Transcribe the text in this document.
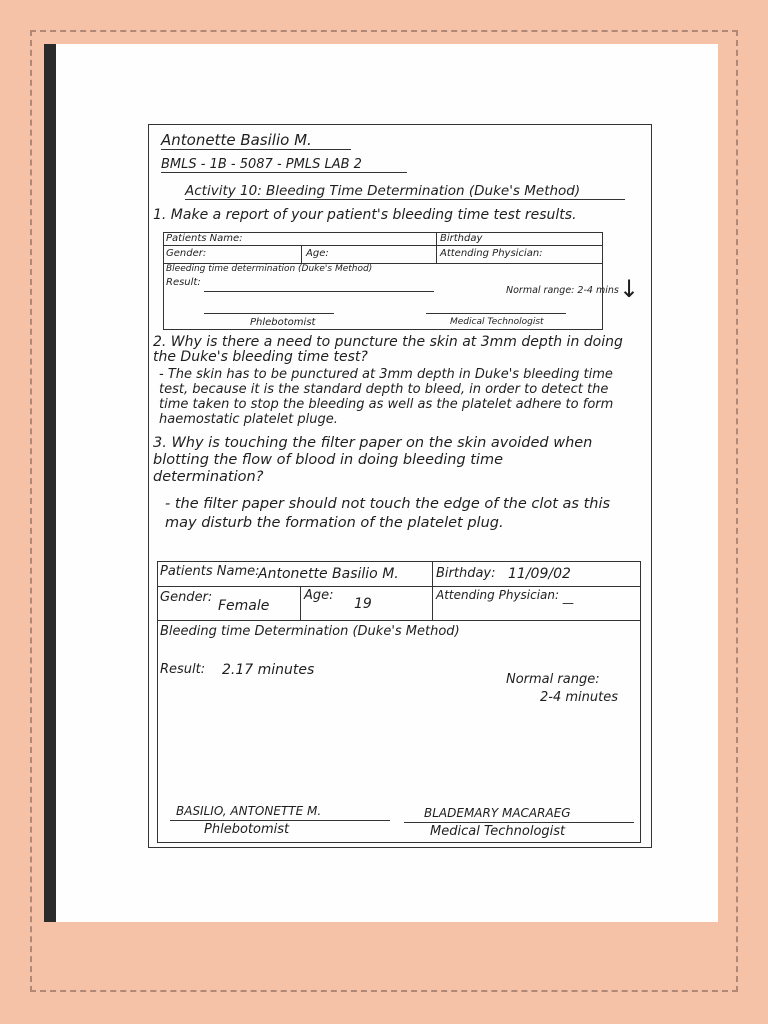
Antonette Basilio M.
BMLS - 1B - 5087 - PMLS LAB 2
Activity 10: Bleeding Time Determination (Duke's Method)
1. Make a report of your patient's bleeding time test results.
Patients Name:	Birthday
Gender:	Age:	Attending Physician:
Bleeding time determination (Duke's Method)
Result:
Normal range: 2-4 mins
Phlebotomist	Medical Technologist
↓
2. Why is there a need to puncture the skin at 3mm depth in doing the Duke's bleeding time test?
- The skin has to be punctured at 3mm depth in Duke's bleeding time test, because it is the standard depth to bleed, in order to detect the time taken to stop the bleeding as well as the platelet adhere to form haemostatic platelet pluge.
3. Why is touching the filter paper on the skin avoided when blotting the flow of blood in doing bleeding time determination?
- the filter paper should not touch the edge of the clot as this may disturb the formation of the platelet plug.
Patients Name:
Antonette Basilio M.	Birthday: 11/09/02
Gender:
Female
Age:
19
Attending Physician:
—
Bleeding time Determination (Duke's Method)
Result: 2.17 minutes
Normal range:
2-4 minutes
BASILIO, ANTONETTE M.
Phlebotomist
BLADEMARY MACARAEG
Medical Technologist
